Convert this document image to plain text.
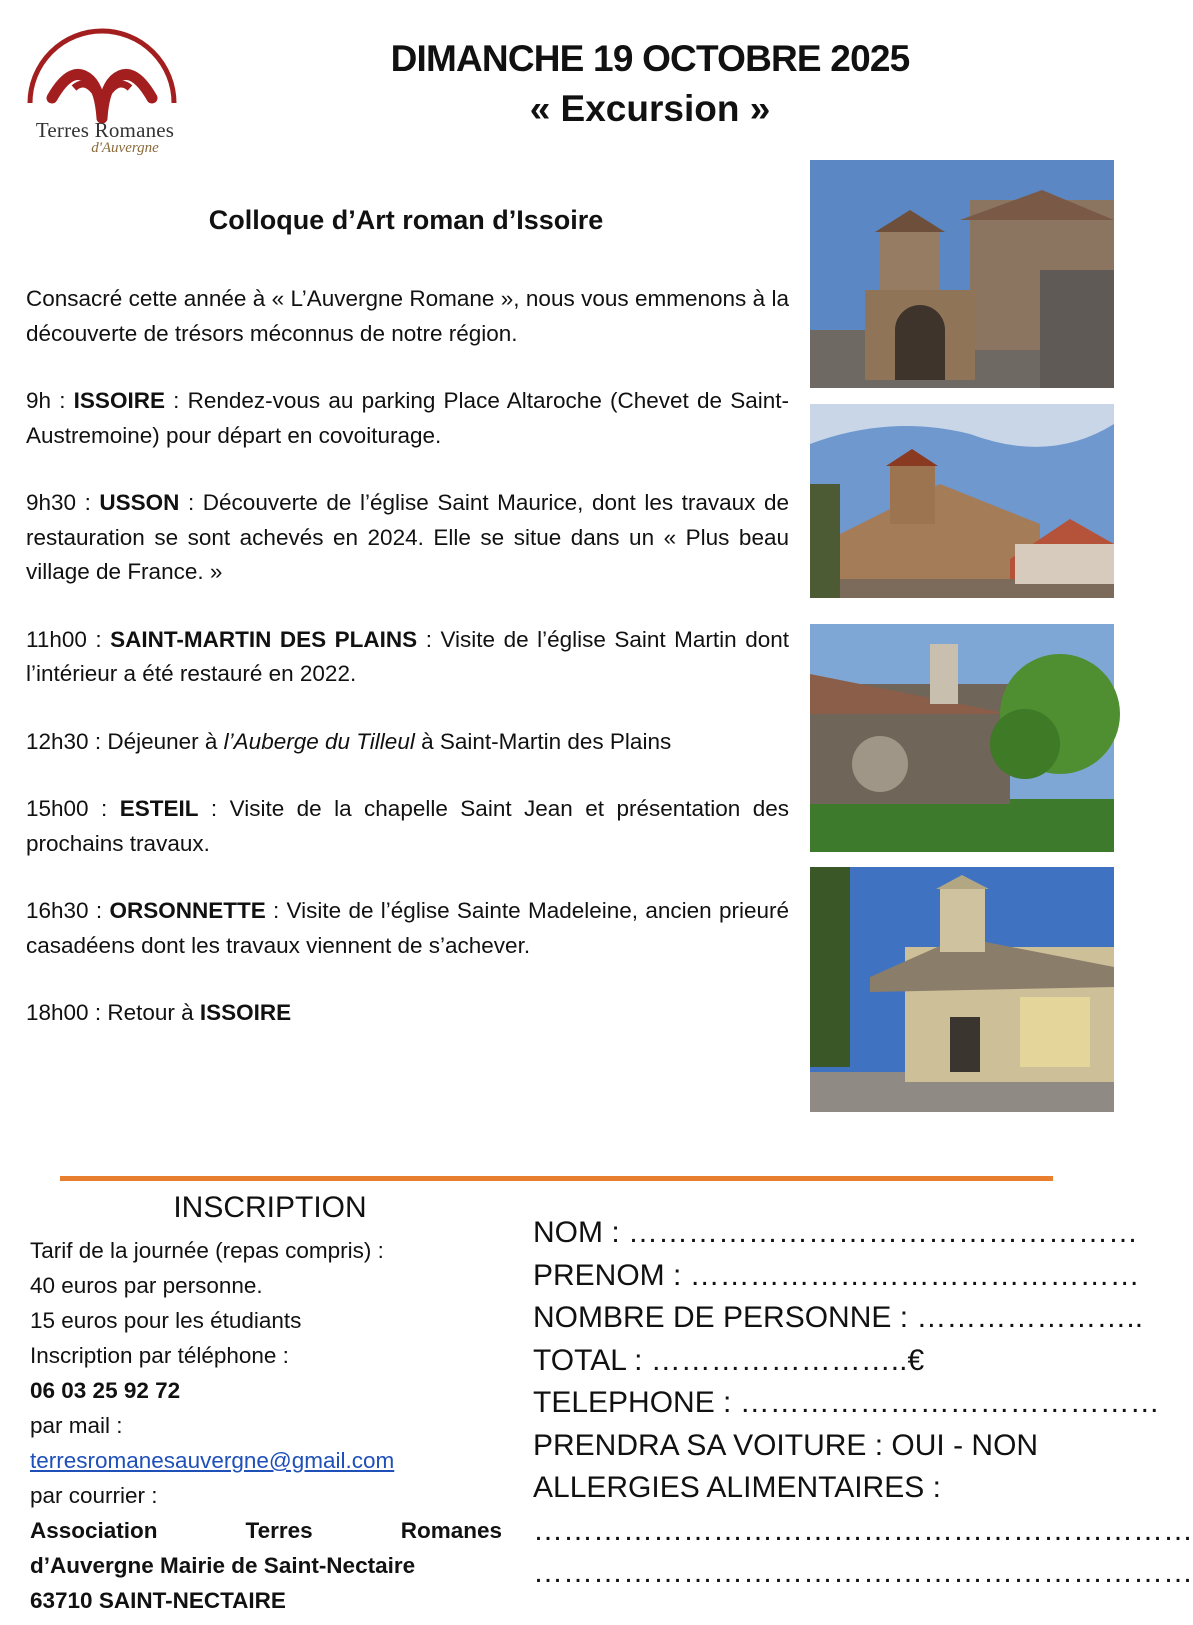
Terres Romanes
d'Auvergne
DIMANCHE 19 OCTOBRE 2025
« Excursion »
Colloque d’Art roman d’Issoire

Consacré cette année à « L’Auvergne Romane », nous vous emmenons à la découverte de trésors méconnus de notre région.

9h : ISSOIRE : Rendez-vous au parking Place Altaroche (Chevet de Saint-Austremoine) pour départ en covoiturage.

9h30 : USSON : Découverte de l’église Saint Maurice, dont les travaux de restauration se sont achevés en 2024. Elle se situe dans un « Plus beau village de France. »

11h00 : SAINT-MARTIN DES PLAINS : Visite de l’église Saint Martin dont l’intérieur a été restauré en 2022.

12h30 : Déjeuner à l’Auberge du Tilleul à Saint-Martin des Plains

15h00 : ESTEIL : Visite de la chapelle Saint Jean et présentation des prochains travaux.

16h30 : ORSONNETTE : Visite de l’église Sainte Madeleine, ancien prieuré casadéens dont les travaux viennent de s’achever.

18h00 : Retour à ISSOIRE

INSCRIPTION
Tarif de la journée (repas compris) :
40 euros par personne.
15 euros pour les étudiants
Inscription par téléphone :
06 03 25 92 72
par mail :
terresromanesauvergne@gmail.com
par courrier :
Association	Terres	Romanes
d’Auvergne Mairie de Saint-Nectaire
63710 SAINT-NECTAIRE
NOM : ……………………………………………
PRENOM : ………………………………………
NOMBRE DE PERSONNE : …………………..
TOTAL : ……………………..€
TELEPHONE : ……………………………………
PRENDRA SA VOITURE : OUI - NON
ALLERGIES ALIMENTAIRES :
…………………………………………………………
…………………………………………………………
